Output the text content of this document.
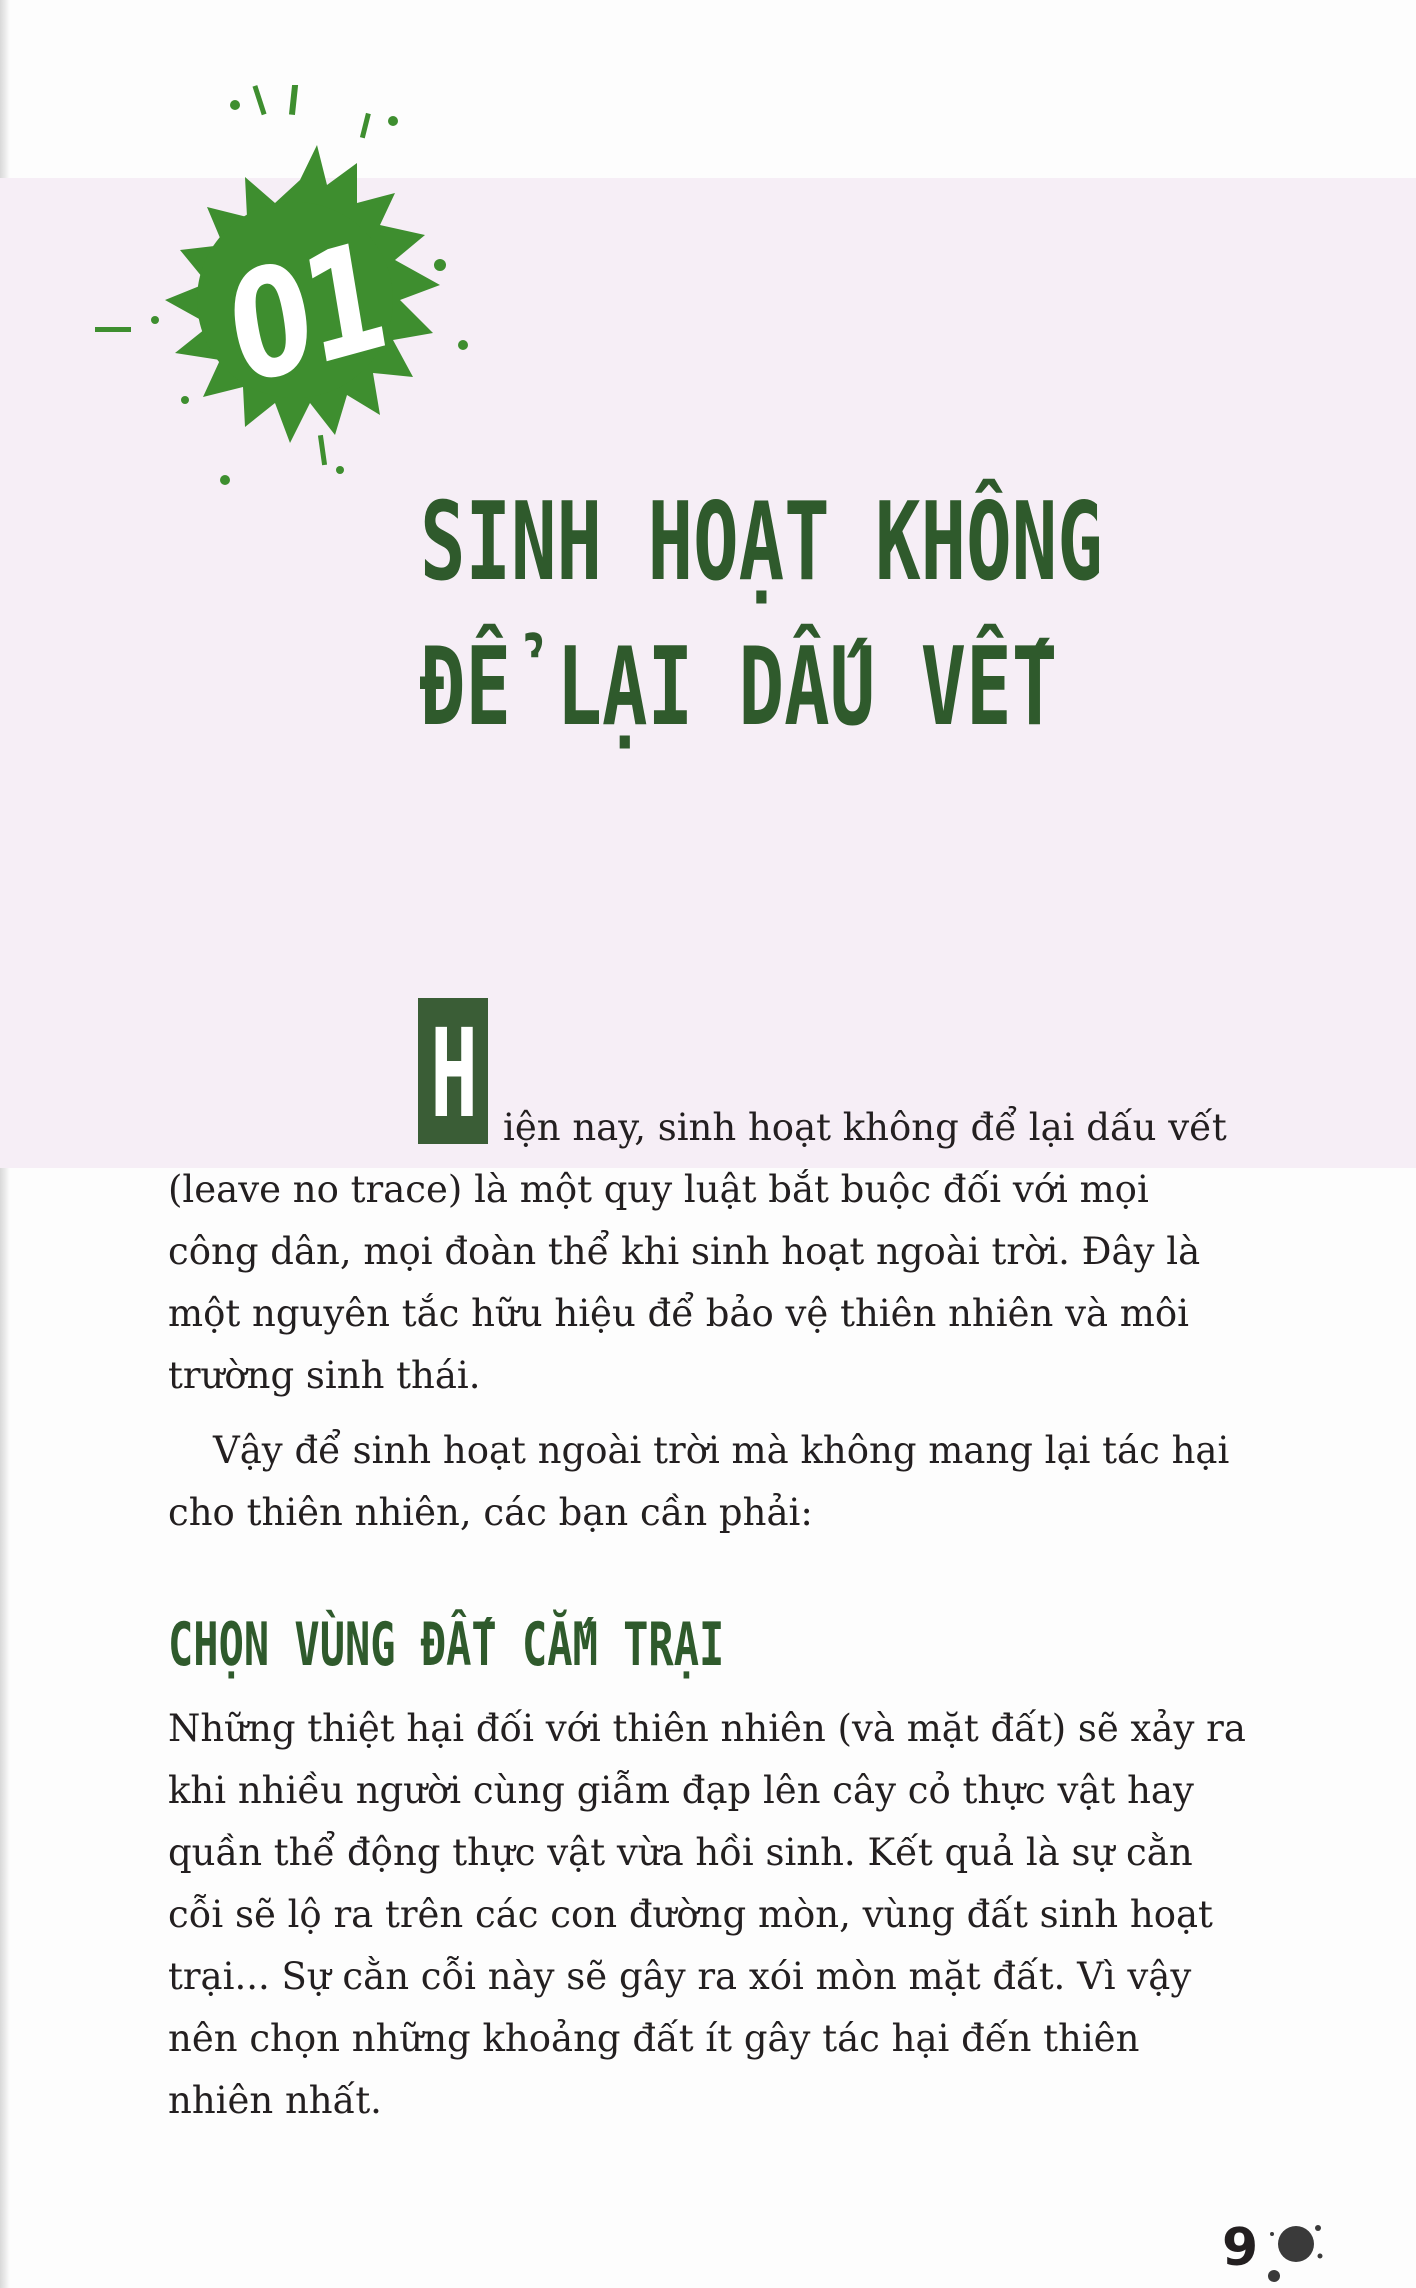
01
SINH HOẠT KHÔNG
ĐỂ LẠI DẤU VẾT
H iện nay, sinh hoạt không để lại dấu vết
(leave no trace) là một quy luật bắt buộc đối với mọi công dân, mọi đoàn thể khi sinh hoạt ngoài trời. Đây là một nguyên tắc hữu hiệu để bảo vệ thiên nhiên và môi trường sinh thái.

Vậy để sinh hoạt ngoài trời mà không mang lại tác hại cho thiên nhiên, các bạn cần phải:

CHỌN VÙNG ĐẤT CẮM TRẠI

Những thiệt hại đối với thiên nhiên (và mặt đất) sẽ xảy ra khi nhiều người cùng giẫm đạp lên cây cỏ thực vật hay quần thể động thực vật vừa hồi sinh. Kết quả là sự cằn cỗi sẽ lộ ra trên các con đường mòn, vùng đất sinh hoạt trại... Sự cằn cỗi này sẽ gây ra xói mòn mặt đất. Vì vậy nên chọn những khoảng đất ít gây tác hại đến thiên nhiên nhất.

9
